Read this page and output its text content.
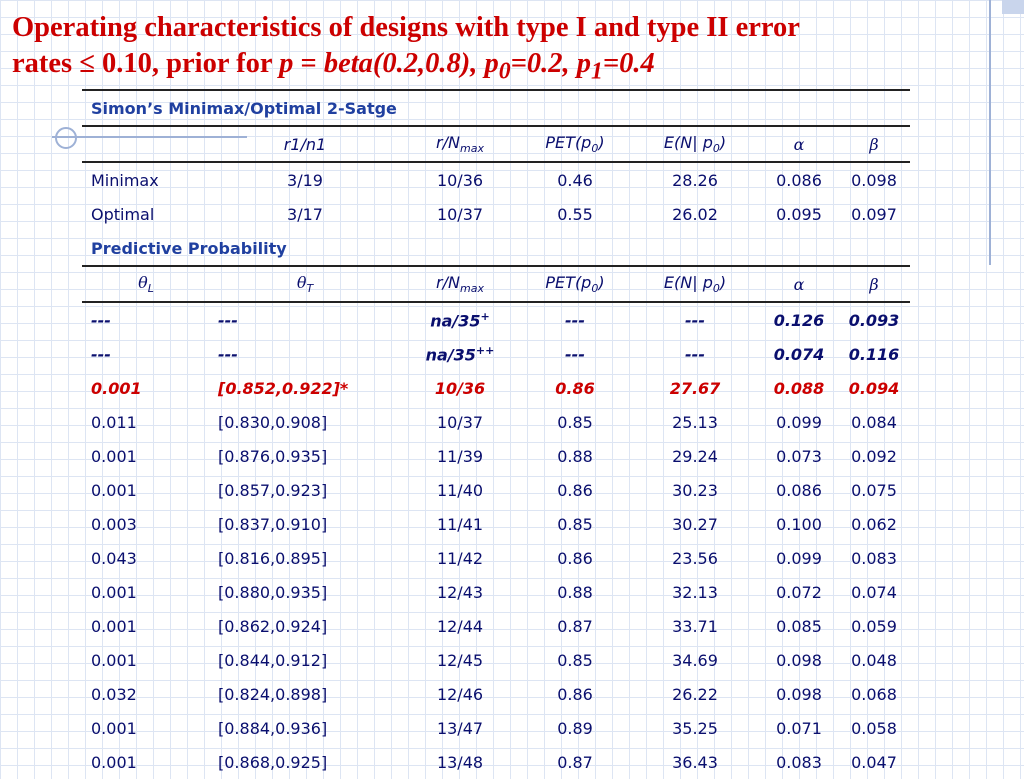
Operating characteristics of designs with type I and type II error
rates ≤ 0.10, prior for p = beta(0.2,0.8), $p_0=0.2$, $p_1=0.4$
Simon’s Minimax/Optimal 2-Satge						
	r1/n1	$r/N_{max}$	$PET(p_0)$	E(N| $p_0$)	α	β
Minimax	3/19	10/36	0.46	28.26	0.086	0.098
Optimal	3/17	10/37	0.55	26.02	0.095	0.097
Predictive Probability						
$\theta_L$	$\theta_T$	$r/N_{max}$	$PET(p_0)$	E(N| $p_0$)	α	β
---	---	na/35+	---	---	0.126	0.093
---	---	na/35++	---	---	0.074	0.116
0.001	[0.852,0.922]*	10/36	0.86	27.67	0.088	0.094
0.011	[0.830,0.908]	10/37	0.85	25.13	0.099	0.084
0.001	[0.876,0.935]	11/39	0.88	29.24	0.073	0.092
0.001	[0.857,0.923]	11/40	0.86	30.23	0.086	0.075
0.003	[0.837,0.910]	11/41	0.85	30.27	0.100	0.062
0.043	[0.816,0.895]	11/42	0.86	23.56	0.099	0.083
0.001	[0.880,0.935]	12/43	0.88	32.13	0.072	0.074
0.001	[0.862,0.924]	12/44	0.87	33.71	0.085	0.059
0.001	[0.844,0.912]	12/45	0.85	34.69	0.098	0.048
0.032	[0.824,0.898]	12/46	0.86	26.22	0.098	0.068
0.001	[0.884,0.936]	13/47	0.89	35.25	0.071	0.058
0.001	[0.868,0.925]	13/48	0.87	36.43	0.083	0.047
